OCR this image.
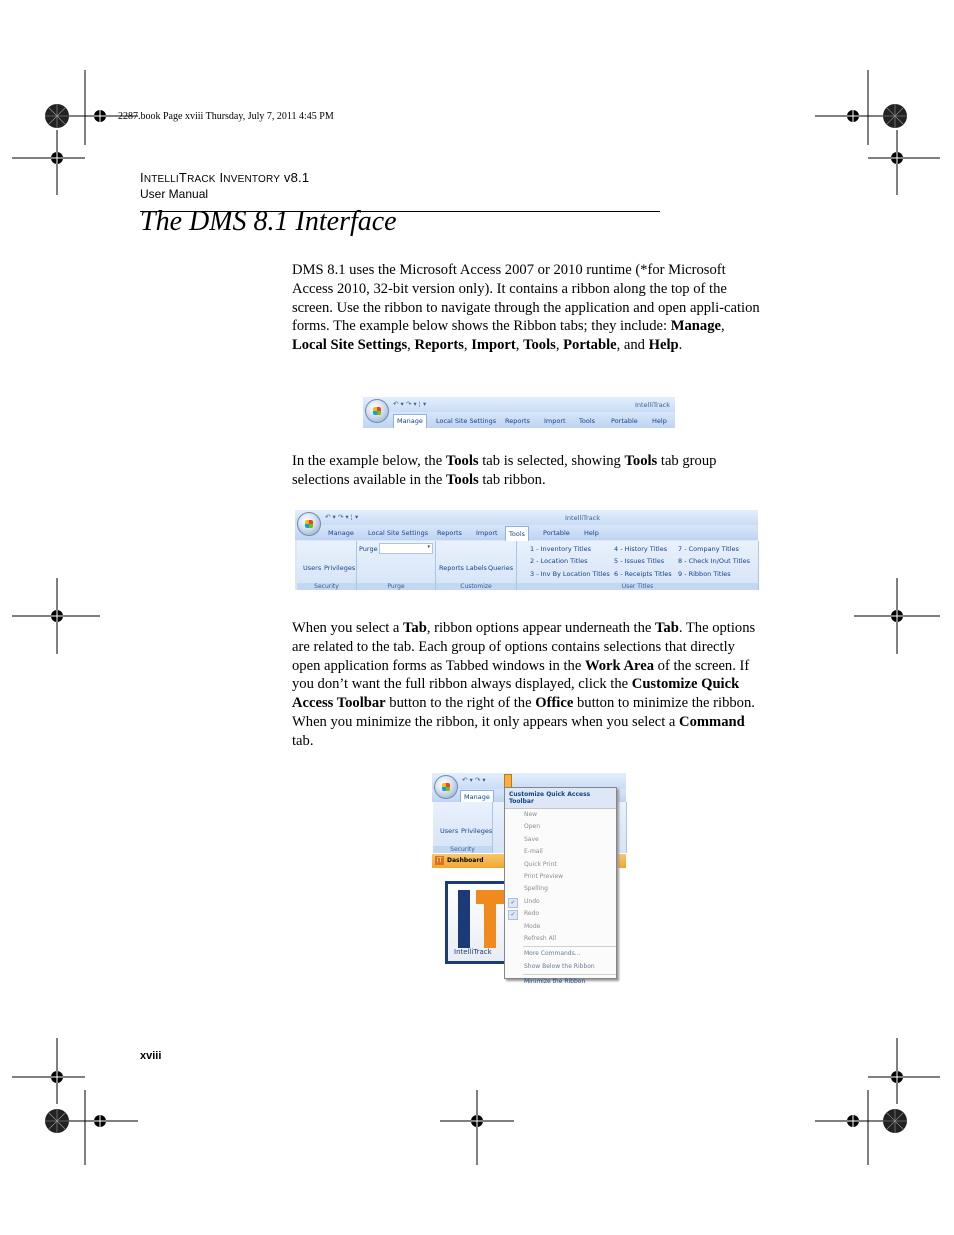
2287.book Page xviii Thursday, July 7, 2011 4:45 PM
INTELLITRACK INVENTORY v8.1
User Manual
The DMS 8.1 Interface
DMS 8.1 uses the Microsoft Access 2007 or 2010 runtime (*for Microsoft Access 2010, 32-bit version only). It contains a ribbon along the top of the screen. Use the ribbon to navigate through the application and open appli-cation forms. The example below shows the Ribbon tabs; they include: Manage, Local Site Settings, Reports, Import, Tools, Portable, and Help.
↶ ▾ ↷ ▾ ¦ ▾	IntelliTrack
Manage	Local Site Settings Reports Import Tools Portable Help
In the example below, the Tools tab is selected, showing Tools tab group selections available in the Tools tab ribbon.
↶ ▾ ↷ ▾ ¦ ▾	IntelliTrack
Manage Local Site Settings Reports Import	Tools	Portable Help
Users Privileges
Security
Purge	▾
Purge
Reports Labels Queries
Customize
1 - Inventory Titles
2 - Location Titles
3 - Inv By Location Titles
4 - History Titles
5 - Issues Titles
6 - Receipts Titles
7 - Company Titles
8 - Check In/Out Titles
9 - Ribbon Titles
User Titles
When you select a Tab, ribbon options appear underneath the Tab. The options are related to the tab. Each group of options contains selections that directly open application forms as Tabbed windows in the Work Area of the screen. If you don’t want the full ribbon always displayed, click the Customize Quick Access Toolbar button to the right of the Office button to minimize the ribbon. When you minimize the ribbon, it only appears when you select a Command tab.
↶ ▾ ↷ ▾
Manage
Users Privileges
Security
iT Dashboard
IntelliTrack
Customize Quick Access Toolbar
New
Open
Save
E-mail
Quick Print
Print Preview
Spelling
✓	Undo
✓	Redo
Mode
Refresh All
More Commands...
Show Below the Ribbon
Minimize the Ribbon
xviii
